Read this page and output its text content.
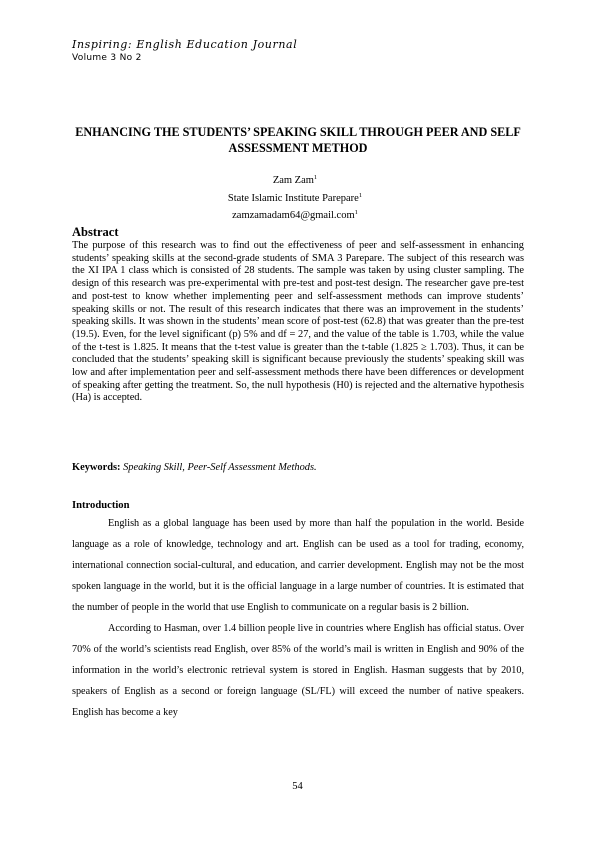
Inspiring: English Education Journal
Volume 3 No 2
ENHANCING THE STUDENTS’ SPEAKING SKILL THROUGH PEER AND SELF ASSESSMENT METHOD
Zam Zam$^1$
State Islamic Institute Parepare$^1$
zamzamadam64@gmail.com$^1$
Abstract

The purpose of this research was to find out the effectiveness of peer and self-assessment in enhancing students’ speaking skills at the second-grade students of SMA 3 Parepare. The subject of this research was the XI IPA 1 class which is consisted of 28 students. The sample was taken by using cluster sampling. The design of this research was pre-experimental with pre-test and post-test design. The researcher gave pre-test and post-test to know whether implementing peer and self-assessment methods can improve students’ speaking skills or not. The result of this research indicates that there was an improvement in the students’ speaking skills. It was shown in the students’ mean score of post-test (62.8) that was greater than the pre-test (19.5). Even, for the level significant (p) 5% and df = 27, and the value of the table is 1.703, while the value of the t-test is 1.825. It means that the t-test value is greater than the t-table (1.825 ≥ 1.703). Thus, it can be concluded that the students’ speaking skill is significant because previously the students’ speaking skill was low and after implementation peer and self-assessment methods there have been differences or development of speaking after getting the treatment. So, the null hypothesis (H0) is rejected and the alternative hypothesis (Ha) is accepted.

Keywords: Speaking Skill, Peer-Self Assessment Methods.

Introduction

English as a global language has been used by more than half the population in the world. Beside language as a role of knowledge, technology and art. English can be used as a tool for trading, economy, international connection social-cultural, and education, and carrier development. English may not be the most spoken language in the world, but it is the official language in a large number of countries. It is estimated that the number of people in the world that use English to communicate on a regular basis is 2 billion.

According to Hasman, over 1.4 billion people live in countries where English has official status. Over 70% of the world’s scientists read English, over 85% of the world’s mail is written in English and 90% of the information in the world’s electronic retrieval system is stored in English. Hasman suggests that by 2010, speakers of English as a second or foreign language (SL/FL) will exceed the number of native speakers. English has become a key

54
